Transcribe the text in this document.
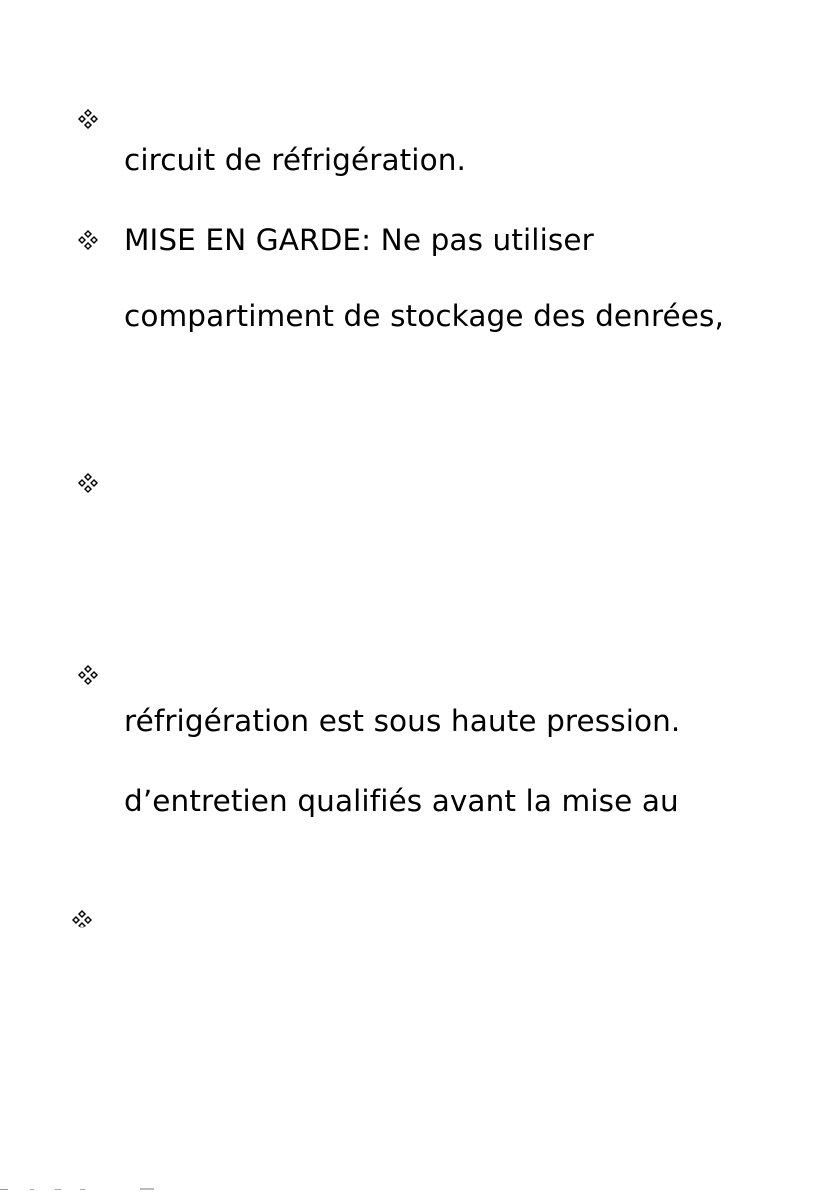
circuit de réfrigération.
MISE EN GARDE: Ne pas utiliser
compartiment de stockage des denrées,
réfrigération est sous haute pression.
d’entretien qualifiés avant la mise au
